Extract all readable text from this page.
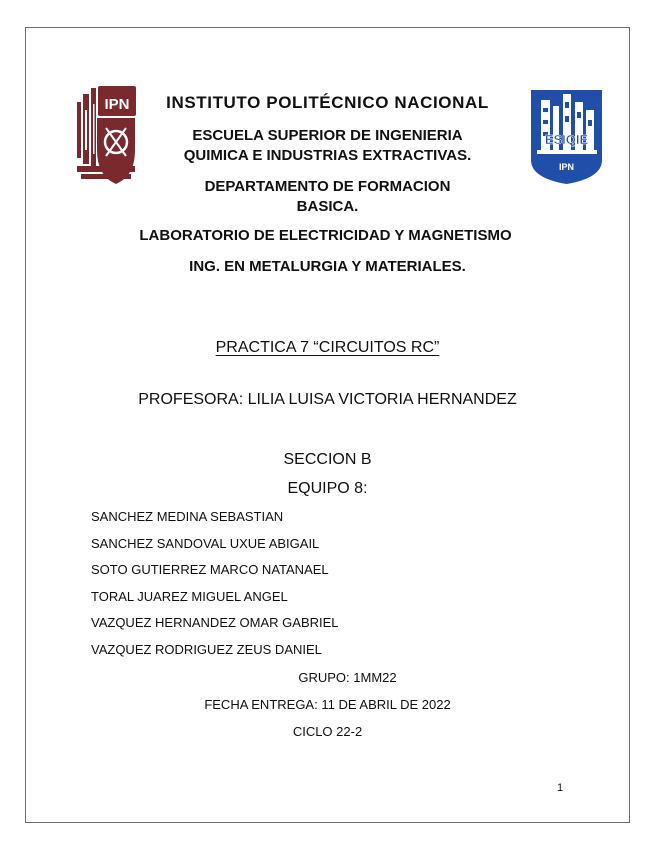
IPN
ESIQIE
IPN
INSTITUTO POLITÉCNICO NACIONAL
ESCUELA SUPERIOR DE INGENIERIA
QUIMICA E INDUSTRIAS EXTRACTIVAS.
DEPARTAMENTO DE FORMACION
BASICA.
LABORATORIO DE ELECTRICIDAD Y MAGNETISMO
ING. EN METALURGIA Y MATERIALES.
PRACTICA 7 “CIRCUITOS RC”
PROFESORA: LILIA LUISA VICTORIA HERNANDEZ
SECCION B
EQUIPO 8:
SANCHEZ MEDINA SEBASTIAN
SANCHEZ SANDOVAL UXUE ABIGAIL
SOTO GUTIERREZ MARCO NATANAEL
TORAL JUAREZ MIGUEL ANGEL
VAZQUEZ HERNANDEZ OMAR GABRIEL
VAZQUEZ RODRIGUEZ ZEUS DANIEL
GRUPO: 1MM22
FECHA ENTREGA: 11 DE ABRIL DE 2022
CICLO 22-2
1
